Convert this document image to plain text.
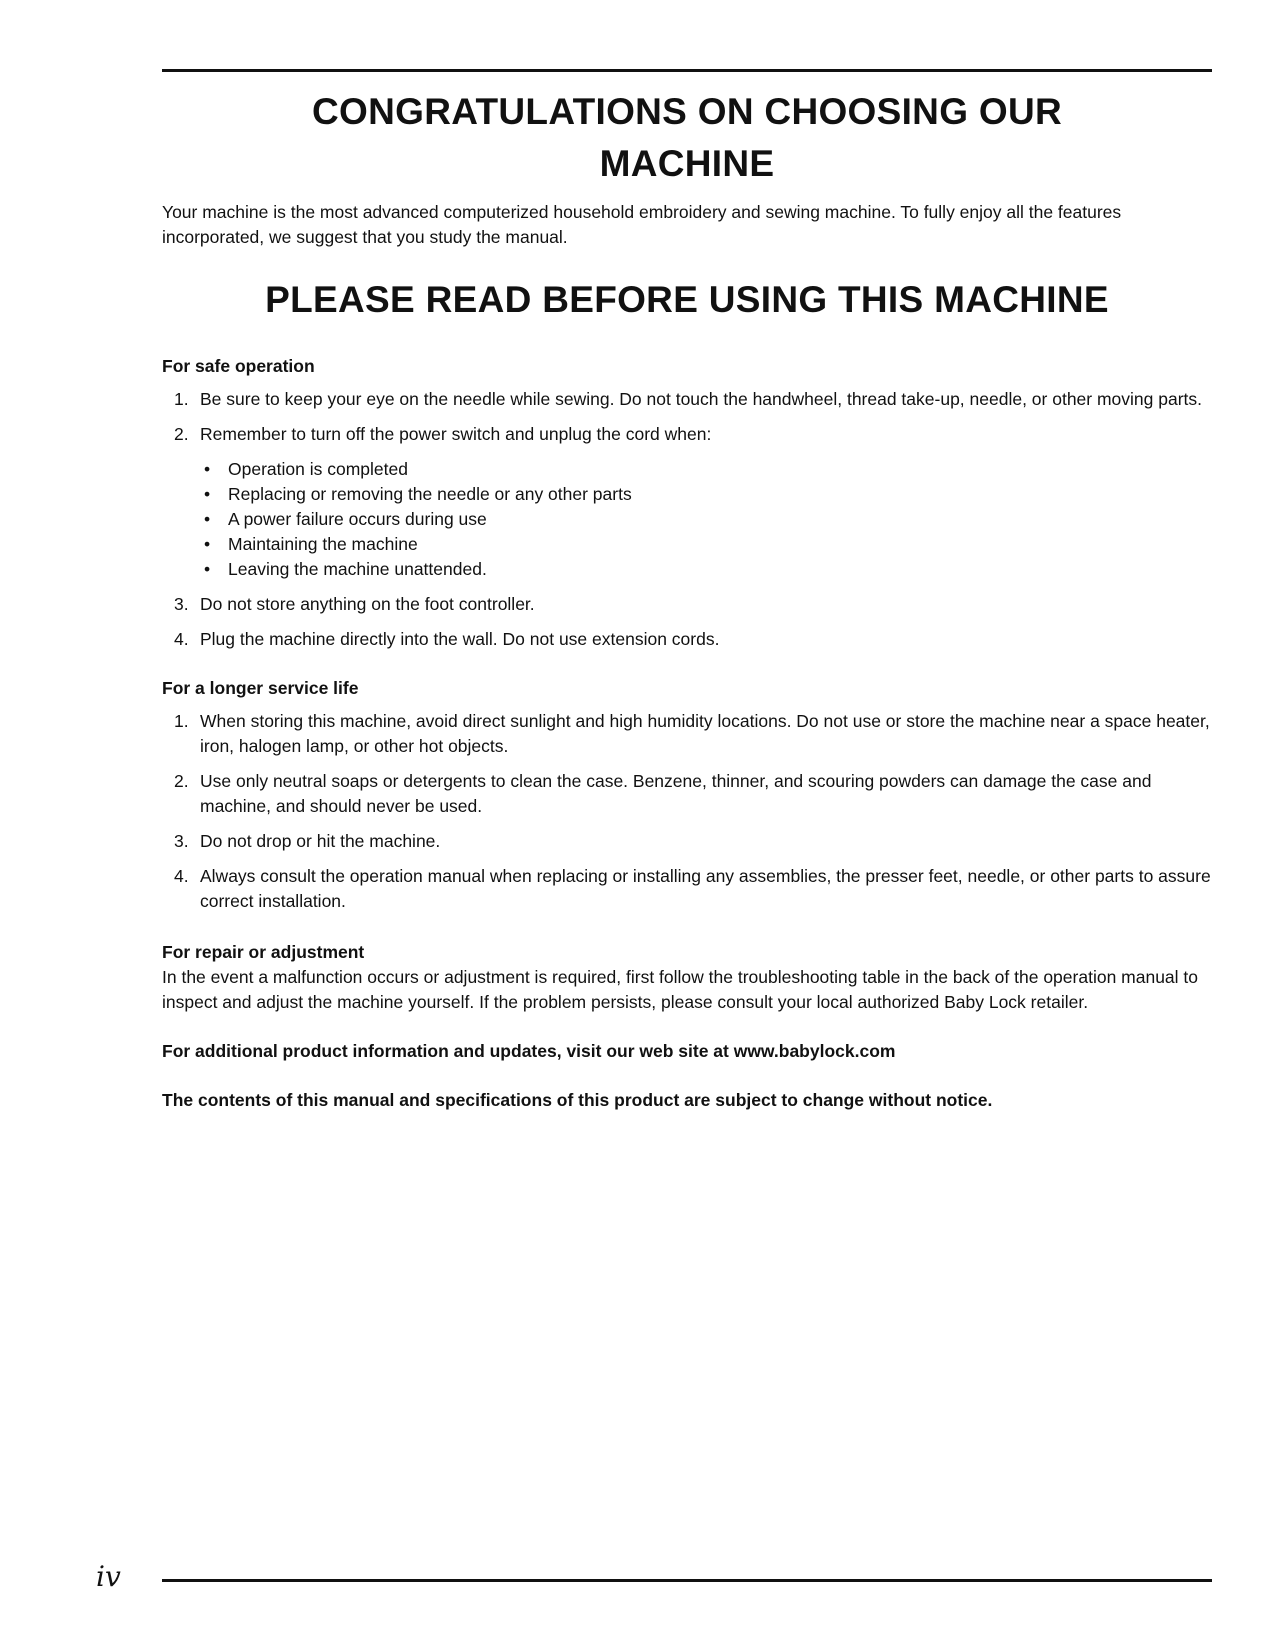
CONGRATULATIONS ON CHOOSING OUR MACHINE

Your machine is the most advanced computerized household embroidery and sewing machine. To fully enjoy all the features incorporated, we suggest that you study the manual.

PLEASE READ BEFORE USING THIS MACHINE
For safe operation
1. Be sure to keep your eye on the needle while sewing. Do not touch the handwheel, thread take-up, needle, or other moving parts.
2. Remember to turn off the power switch and unplug the cord when:
• Operation is completed
• Replacing or removing the needle or any other parts
• A power failure occurs during use
• Maintaining the machine
• Leaving the machine unattended.
3. Do not store anything on the foot controller.
4. Plug the machine directly into the wall. Do not use extension cords.
For a longer service life
1. When storing this machine, avoid direct sunlight and high humidity locations. Do not use or store the machine near a space heater, iron, halogen lamp, or other hot objects.
2. Use only neutral soaps or detergents to clean the case. Benzene, thinner, and scouring powders can damage the case and machine, and should never be used.
3. Do not drop or hit the machine.
4. Always consult the operation manual when replacing or installing any assemblies, the presser feet, needle, or other parts to assure correct installation.
For repair or adjustment

In the event a malfunction occurs or adjustment is required, first follow the troubleshooting table in the back of the operation manual to inspect and adjust the machine yourself. If the problem persists, please consult your local authorized Baby Lock retailer.

For additional product information and updates, visit our web site at www.babylock.com

The contents of this manual and specifications of this product are subject to change without notice.

iv
